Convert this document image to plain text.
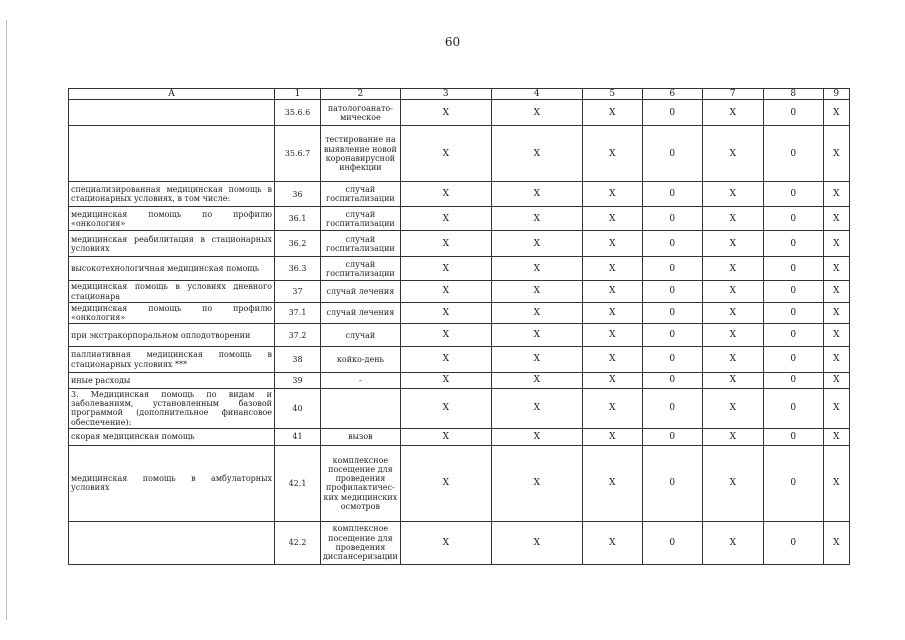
60
А	1	2	3	4	5	6	7	8	9
	35.6.6	патологоанато-мическое	Х	Х	Х	0	Х	0	Х
	35.6.7	тестирование на выявление новой коронавирусной инфекции	Х	Х	Х	0	Х	0	Х
специализированная медицинская помощь в стационарных условиях, в том числе:	36	случай госпитализации	Х	Х	Х	0	Х	0	Х
медицинская помощь по профилю «онкология»	36.1	случай госпитализации	Х	Х	Х	0	Х	0	Х
медицинская реабилитация в стационарных условиях	36.2	случай госпитализации	Х	Х	Х	0	Х	0	Х
высокотехнологичная медицинская помощь	36.3	случай госпитализации	Х	Х	Х	0	Х	0	Х
медицинская помощь в условиях дневного стационара	37	случай лечения	Х	Х	Х	0	Х	0	Х
медицинская помощь по профилю «онкология»	37.1	случай лечения	Х	Х	Х	0	Х	0	Х
при экстракорпоральном оплодотворении	37.2	случай	Х	Х	Х	0	Х	0	Х
паллиативная медицинская помощь в стационарных условиях ***	38	койко-день	Х	Х	Х	0	Х	0	Х
иные расходы	39	-	Х	Х	Х	0	Х	0	Х
3. Медицинская помощь по видам и заболеваниям, установленным базовой программой (дополнительное финансовое обеспечение):	40		Х	Х	Х	0	Х	0	Х
скорая медицинская помощь	41	вызов	Х	Х	Х	0	Х	0	Х
медицинская помощь в амбулаторных условиях	42.1	комплексное посещение для проведения профилактичес-ких медицинских осмотров	Х	Х	Х	0	Х	0	Х
	42.2	комплексное посещение для проведения диспансеризации	Х	Х	Х	0	Х	0	Х
